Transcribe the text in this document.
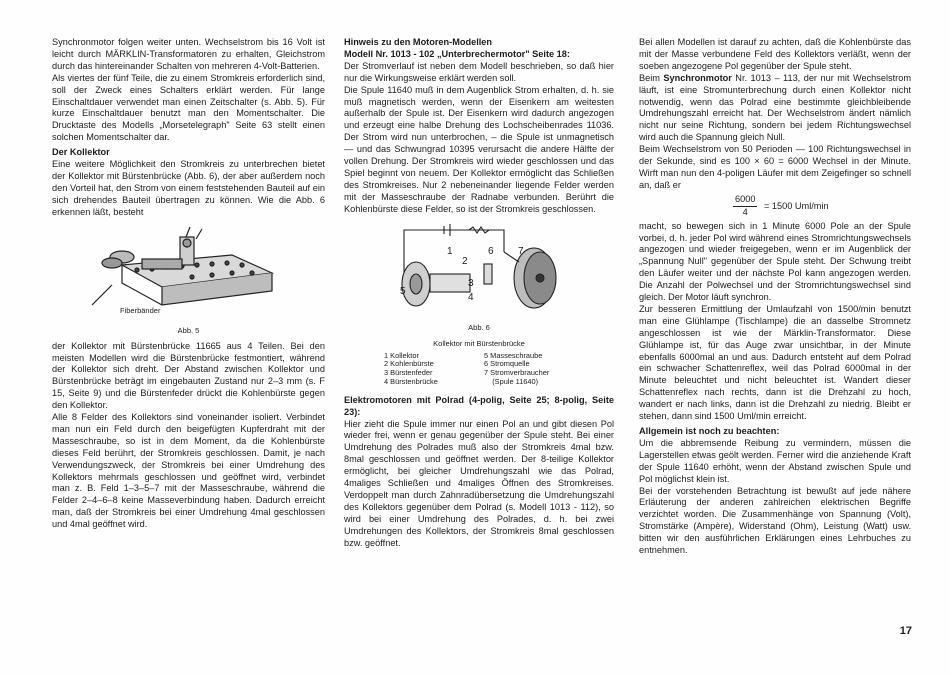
Synchronmotor folgen weiter unten. Wechselstrom bis 16 Volt ist leicht durch MÄRKLIN-Transformatoren zu erhalten, Gleichstrom durch das hintereinander Schalten von mehreren 4-Volt-Batterien.

Als viertes der fünf Teile, die zu einem Stromkreis erforderlich sind, soll der Zweck eines Schalters erklärt werden. Für lange Einschaltdauer verwendet man einen Zeitschalter (s. Abb. 5). Für kurze Einschaltdauer benutzt man den Momentschalter. Die Drucktaste des Modells „Morsetelegraph" Seite 63 stellt einen solchen Momentschalter dar.

Der Kollektor

Eine weitere Möglichkeit den Stromkreis zu unterbrechen bietet der Kollektor mit Bürstenbrücke (Abb. 6), der aber außerdem noch den Vorteil hat, den Strom von einem feststehenden Bauteil auf ein sich drehendes Bauteil übertragen zu können. Wie die Abb. 6 erkennen läßt, besteht

Fiberbänder
Abb. 5

der Kollektor mit Bürstenbrücke 11665 aus 4 Teilen. Bei den meisten Modellen wird die Bürstenbrücke festmontiert, während der Kollektor sich dreht. Der Abstand zwischen Kollektor und Bürstenbrücke beträgt im eingebauten Zustand nur 2–3 mm (s. F 15, Seite 9) und die Bürstenfeder drückt die Kohlenbürste gegen den Kollektor.

Alle 8 Felder des Kollektors sind voneinander isoliert. Verbindet man nun ein Feld durch den beigefügten Kupferdraht mit der Masseschraube, so ist in dem Moment, da die Kohlenbürste dieses Feld berührt, der Stromkreis geschlossen. Damit, je nach Verwendungszweck, der Stromkreis bei einer Umdrehung des Kollektors mehrmals geschlossen und geöffnet wird, verbindet man z. B. Feld 1–3–5–7 mit der Masseschraube, während die Felder 2–4–6–8 keine Masseverbindung haben. Dadurch erreicht man, daß der Stromkreis bei einer Umdrehung 4mal geschlossen und 4mal geöffnet wird.

Hinweis zu den Motoren-Modellen

Modell Nr. 1013 - 102 „Unterbrechermotor" Seite 18:

Der Stromverlauf ist neben dem Modell beschrieben, so daß hier nur die Wirkungsweise erklärt werden soll.

Die Spule 11640 muß in dem Augenblick Strom erhalten, d. h. sie muß magnetisch werden, wenn der Eisenkern am weitesten außerhalb der Spule ist. Der Eisenkern wird dadurch angezogen und erzeugt eine halbe Drehung des Lochscheibenrades 11036. Der Strom wird nun unterbrochen, – die Spule ist unmagnetisch — und das Schwungrad 10395 verursacht die andere Hälfte der vollen Drehung. Der Stromkreis wird wieder geschlossen und das Spiel beginnt von neuem. Der Kollektor ermöglicht das Schließen des Stromkreises. Nur 2 nebeneinander liegende Felder werden mit der Masseschraube der Radnabe verbunden. Berührt die Kohlenbürste diese Felder, so ist der Stromkreis geschlossen.

1
2
3
4
5
6 7
Abb. 6
Kollektor mit Bürstenbrücke
1 Kollektor	5 Masseschraube
2 Kohlenbürste	6 Stromquelle
3 Bürstenfeder	7 Stromverbraucher
4 Bürstenbrücke	(Spule 11640)

Elektromotoren mit Polrad (4-polig, Seite 25; 8-polig, Seite 23):

Hier zieht die Spule immer nur einen Pol an und gibt diesen Pol wieder frei, wenn er genau gegenüber der Spule steht. Bei einer Umdrehung des Polrades muß also der Stromkreis 4mal bzw. 8mal geschlossen und geöffnet werden. Der 8-teilige Kollektor ermöglicht, bei gleicher Umdrehungszahl wie das Polrad, 4maliges Schließen und 4maliges Öffnen des Stromkreises. Verdoppelt man durch Zahnradübersetzung die Umdrehungszahl des Kollektors gegenüber dem Polrad (s. Modell 1013 - 112), so wird bei einer Umdrehung des Polrades, d. h. bei zwei Umdrehungen des Kollektors, der Stromkreis 8mal geschlossen bzw. geöffnet.

Bei allen Modellen ist darauf zu achten, daß die Kohlenbürste das mit der Masse verbundene Feld des Kollektors verläßt, wenn der soeben angezogene Pol gegenüber der Spule steht.

Beim Synchronmotor Nr. 1013 – 113, der nur mit Wechselstrom läuft, ist eine Stromunterbrechung durch einen Kollektor nicht notwendig, wenn das Polrad eine bestimmte gleichbleibende Umdrehungszahl erreicht hat. Der Wechselstrom ändert nämlich nicht nur seine Richtung, sondern bei jedem Richtungswechsel wird auch die Spannung gleich Null.

Beim Wechselstrom von 50 Perioden — 100 Richtungswechsel in der Sekunde, sind es 100 × 60 = 6000 Wechsel in der Minute. Wirft man nun den 4-poligen Läufer mit dem Zeigefinger so schnell an, daß er

$\frac{6000}{4} = 1500$ Uml/min

macht, so bewegen sich in 1 Minute 6000 Pole an der Spule vorbei, d. h. jeder Pol wird während eines Stromrichtungswechsels angezogen und wieder freigegeben, wenn er im Augenblick der „Spannung Null" gegenüber der Spule steht. Der Schwung treibt den Läufer weiter und der nächste Pol kann angezogen werden. Die Anzahl der Polwechsel und der Stromrichtungswechsel sind gleich. Der Motor läuft synchron.

Zur besseren Ermittlung der Umlaufzahl von 1500/min benutzt man eine Glühlampe (Tischlampe) die an dasselbe Stromnetz angeschlossen ist wie der Märklin-Transformator. Diese Glühlampe ist, für das Auge zwar unsichtbar, in der Minute ebenfalls 6000mal an und aus. Dadurch entsteht auf dem Polrad ein schwacher Schattenreflex, weil das Polrad 6000mal in der Minute beleuchtet und nicht beleuchtet ist. Wandert dieser Schattenreflex nach rechts, dann ist die Drehzahl zu hoch, wandert er nach links, dann ist die Drehzahl zu niedrig. Bleibt er stehen, dann sind 1500 Uml/min erreicht.

Allgemein ist noch zu beachten:

Um die abbremsende Reibung zu vermindern, müssen die Lagerstellen etwas geölt werden. Ferner wird die anziehende Kraft der Spule 11640 erhöht, wenn der Abstand zwischen Spule und Pol möglichst klein ist.

Bei der vorstehenden Betrachtung ist bewußt auf jede nähere Erläuterung der anderen zahlreichen elektrischen Begriffe verzichtet worden. Die Zusammenhänge von Spannung (Volt), Stromstärke (Ampère), Widerstand (Ohm), Leistung (Watt) usw. bitten wir den ausführlichen Erklärungen eines Lehrbuches zu entnehmen.

17
